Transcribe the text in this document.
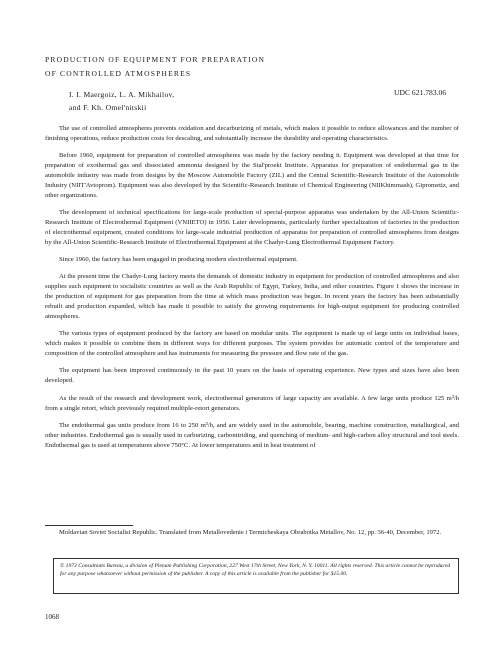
PRODUCTION OF EQUIPMENT FOR PREPARATION
OF CONTROLLED ATMOSPHERES
I. I. Maergoiz, L. A. Mikhailov,
and F. Kh. Omel'nitskii
UDC 621.783.06

The use of controlled atmospheres prevents oxidation and decarburizing of metals, which makes it possible to reduce allowances and the number of finishing operations, reduce production costs for descaling, and substantially increase the durability and operating characteristics.

Before 1960, equipment for preparation of controlled atmospheres was made by the factory needing it. Equipment was developed at that time for preparation of exothermal gas and dissociated ammonia designed by the Stal'proekt Institute. Apparatus for preparation of endothermal gas in the automobile industry was made from designs by the Moscow Automobile Factory (ZIL) and the Central Scientific-Research Institute of the Automobile Industry (NIIT'Avtoprom). Equipment was also developed by the Scientific-Research Institute of Chemical Engineering (NIIKhimmash), Giprometiz, and other organizations.

The development of technical specifications for large-scale production of special-purpose apparatus was undertaken by the All-Union Scientific-Research Institute of Electrothermal Equipment (VNIIETO) in 1956. Later developments, particularly further specialization of factories in the production of electrothermal equipment, created conditions for large-scale industrial production of apparatus for preparation of controlled atmospheres from designs by the All-Union Scientific-Research Institute of Electrothermal Equipment at the Chadyr-Lung Electrothermal Equipment Factory.

Since 1960, the factory has been engaged in producing modern electrothermal equipment.

At the present time the Chadyr-Lung factory meets the demands of domestic industry in equipment for production of controlled atmospheres and also supplies such equipment to socialistic countries as well as the Arab Republic of Egypt, Turkey, India, and other countries. Figure 1 shows the increase in the production of equipment for gas preparation from the time at which mass production was begun. In recent years the factory has been substantially rebuilt and production expanded, which has made it possible to satisfy the growing requirements for high-output equipment for producing controlled atmospheres.

The various types of equipment produced by the factory are based on modular units. The equipment is made up of large units on individual bases, which makes it possible to combine them in different ways for different purposes. The system provides for automatic control of the temperature and composition of the controlled atmosphere and has instruments for measuring the pressure and flow rate of the gas.

The equipment has been improved continuously in the past 10 years on the basis of operating experience. New types and sizes have also been developed.

As the result of the research and development work, electrothermal generators of large capacity are available. A few large units produce 125 m³/h from a single retort, which previously required multiple-retort generators.

The endothermal gas units produce from 16 to 250 m³/h, and are widely used in the automobile, bearing, machine construction, metallurgical, and other industries. Endothermal gas is usually used in carburizing, carbonitriding, and quenching of medium- and high-carbon alloy structural and tool steels. Endothermal gas is used at temperatures above 750°C. At lower temperatures and in heat treatment of

Moldavian Soviet Socialist Republic. Translated from Metallovedenie i Termicheskaya Obrabotka Metallov, No. 12, pp. 36-40, December, 1972.
© 1973 Consultants Bureau, a division of Plenum Publishing Corporation, 227 West 17th Street, New York, N. Y. 10011. All rights reserved. This article cannot be reproduced for any purpose whatsoever without permission of the publisher. A copy of this article is available from the publisher for $15.00.
1068
